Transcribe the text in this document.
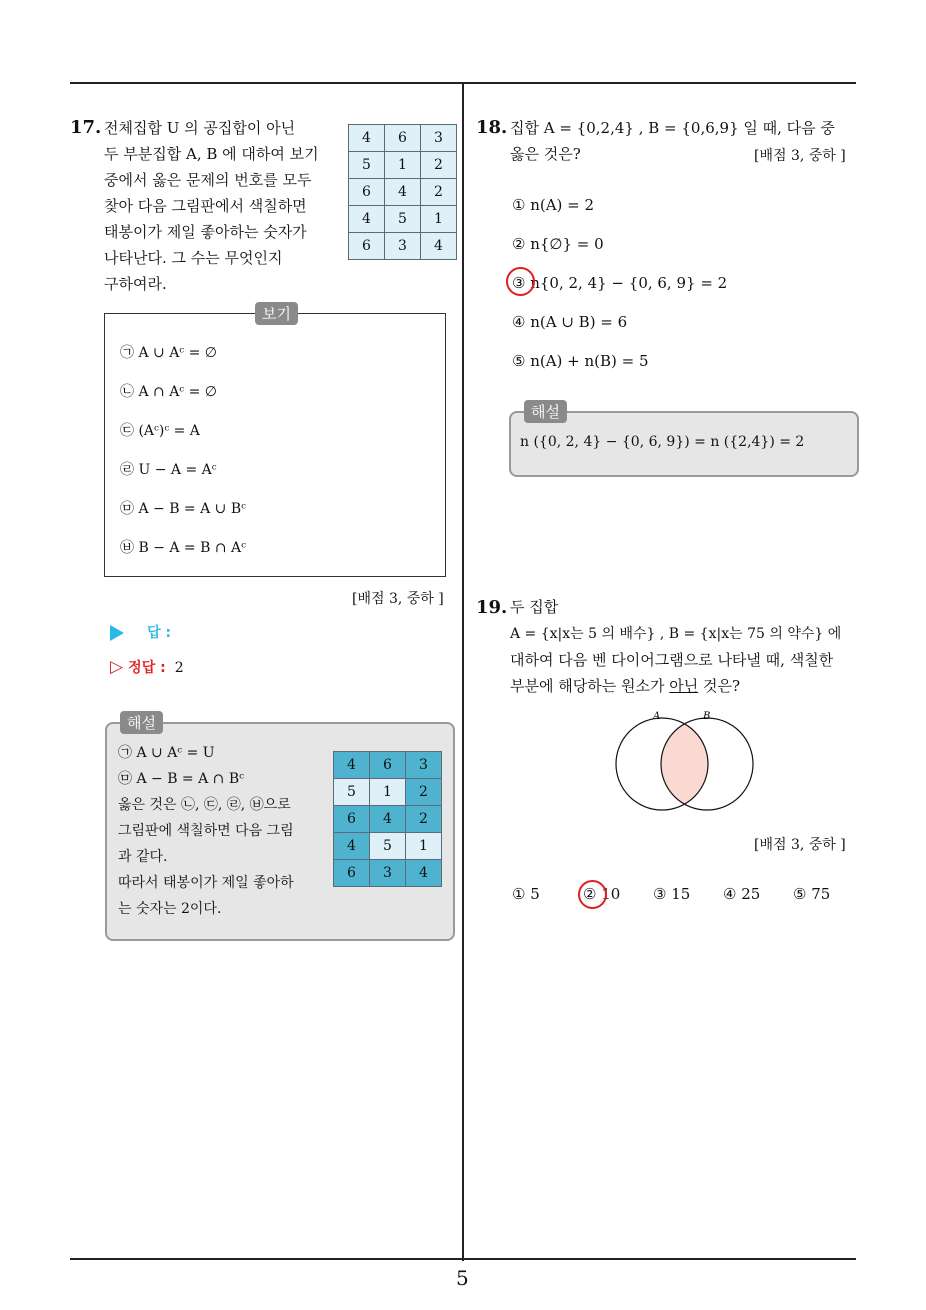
5
17. 전체집합 U 의 공집합이 아닌
두 부분집합 A, B 에 대하여 보기
중에서 옳은 문제의 번호를 모두
찾아 다음 그림판에서 색칠하면
태봉이가 제일 좋아하는 숫자가
나타난다. 그 수는 무엇인지
구하여라.
4	6	3
5	1	2
6	4	2
4	5	1
6	3	4
보기
㉠ A ∪ Aᶜ = ∅
㉡ A ∩ Aᶜ = ∅
㉢ (Aᶜ)ᶜ = A
㉣ U − A = Aᶜ
㉤ A − B = A ∪ Bᶜ
㉥ B − A = B ∩ Aᶜ
[배점 3, 중하 ]
답 :
▷ 정답 : 2
해설
㉠ A ∪ Aᶜ = U
㉤ A − B = A ∩ Bᶜ
옳은 것은 ㉡, ㉢, ㉣, ㉥으로
그림판에 색칠하면 다음 그림
과 같다.
따라서 태봉이가 제일 좋아하
는 숫자는 2이다.
4	6	3
5	1	2
6	4	2
4	5	1
6	3	4
18. 집합 A = {0,2,4} , B = {0,6,9} 일 때, 다음 중
옳은 것은?	[배점 3, 중하 ]
① n(A) = 2
② n{∅} = 0
③ n{0, 2, 4} − {0, 6, 9} = 2
④ n(A ∪ B) = 6
⑤ n(A) + n(B) = 5
해설
n ({0, 2, 4} − {0, 6, 9}) = n ({2,4}) = 2
19. 두 집합
A = {x|x는 5 의 배수} , B = {x|x는 75 의 약수} 에
대하여 다음 벤 다이어그램으로 나타낼 때, 색칠한
부분에 해당하는 원소가 아닌 것은?
A	B
[배점 3, 중하 ]
① 5	② 10 ③ 15 ④ 25 ⑤ 75
